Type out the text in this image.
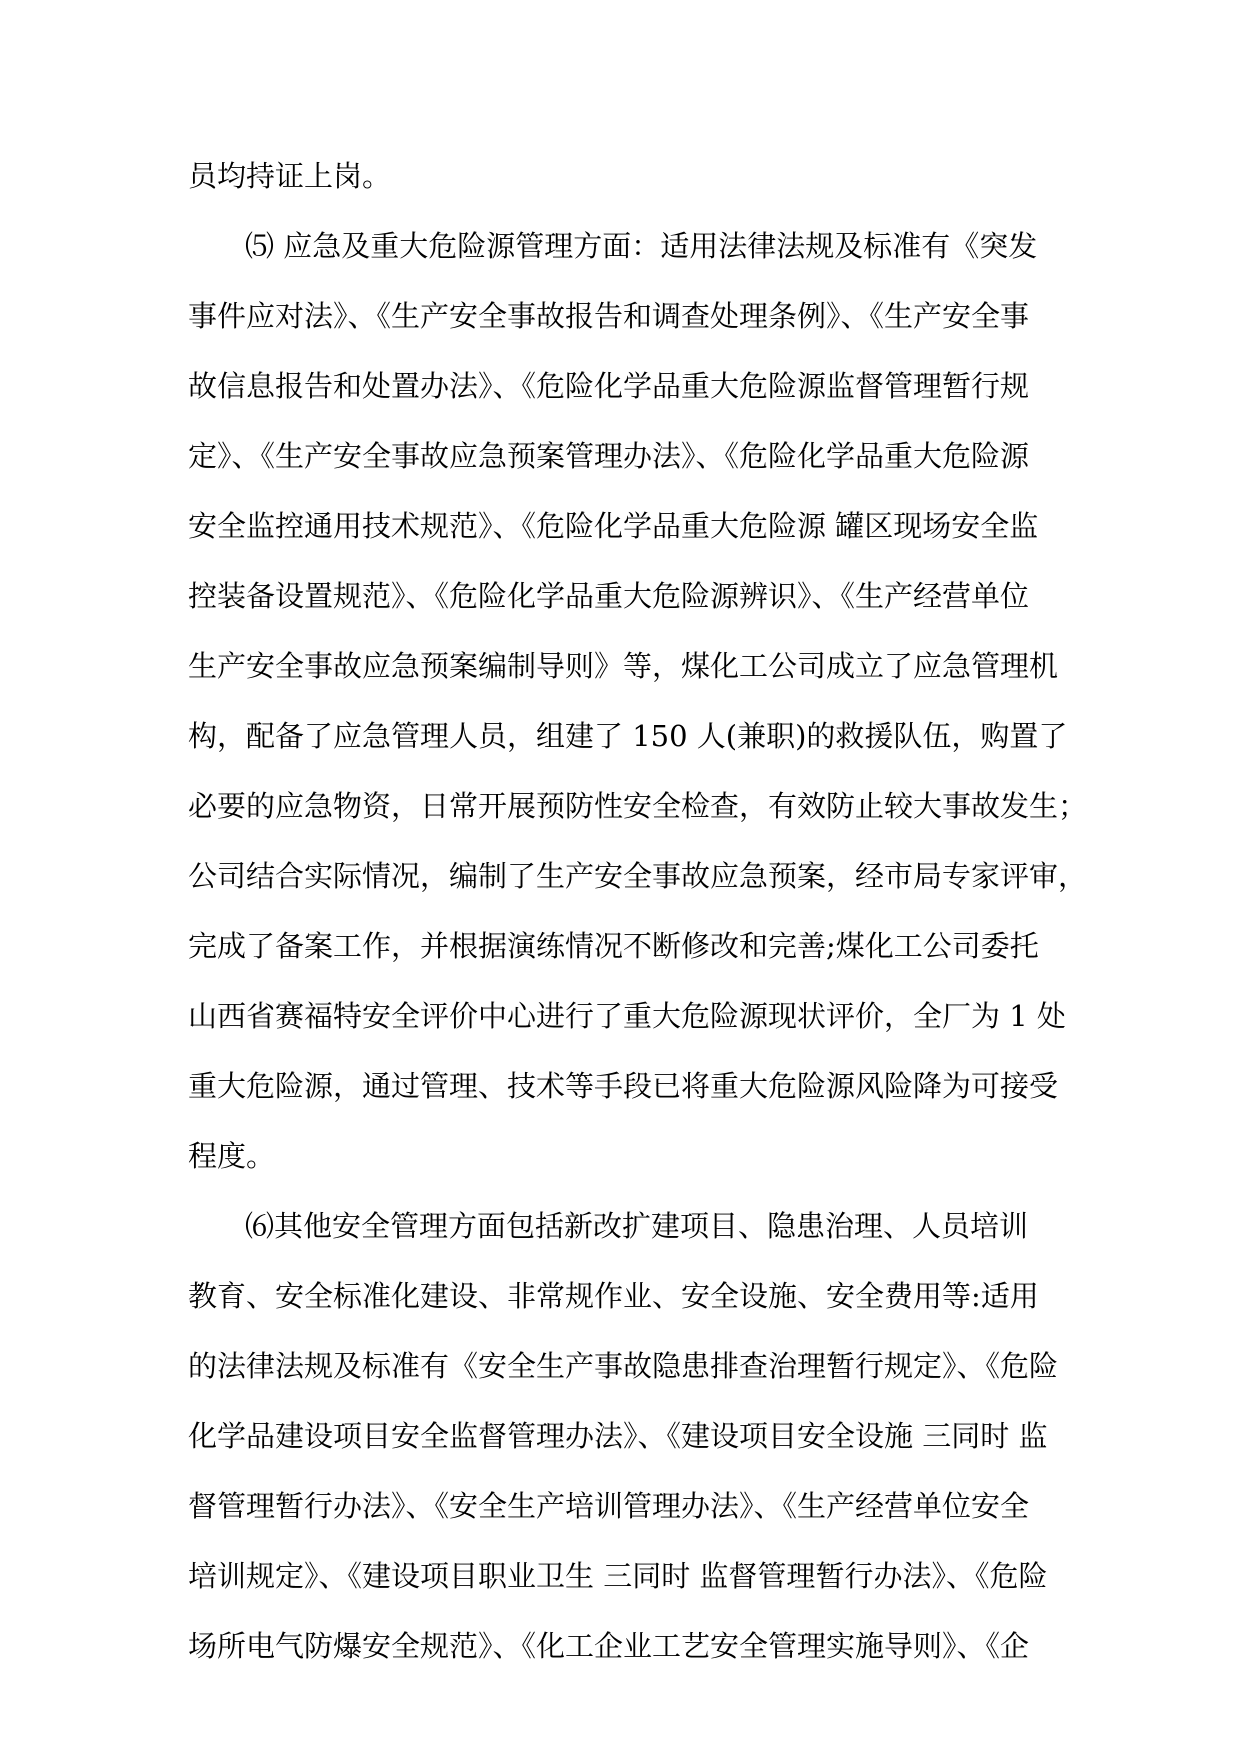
员均持证上岗。
⑸ 应急及重大危险源管理方面：适用法律法规及标准有《突发
事件应对法》、《生产安全事故报告和调查处理条例》、《生产安全事
故信息报告和处置办法》、《危险化学品重大危险源监督管理暂行规
定》、《生产安全事故应急预案管理办法》、《危险化学品重大危险源
安全监控通用技术规范》、《危险化学品重大危险源 罐区现场安全监
控装备设置规范》、《危险化学品重大危险源辨识》、《生产经营单位
生产安全事故应急预案编制导则》等，煤化工公司成立了应急管理机
构，配备了应急管理人员，组建了 150 人(兼职)的救援队伍，购置了
必要的应急物资，日常开展预防性安全检查，有效防止较大事故发生；
公司结合实际情况，编制了生产安全事故应急预案，经市局专家评审，
完成了备案工作，并根据演练情况不断修改和完善;煤化工公司委托
山西省赛福特安全评价中心进行了重大危险源现状评价，全厂为 1 处
重大危险源，通过管理、技术等手段已将重大危险源风险降为可接受
程度。
⑹其他安全管理方面包括新改扩建项目、隐患治理、人员培训
教育、安全标准化建设、非常规作业、安全设施、安全费用等:适用
的法律法规及标准有《安全生产事故隐患排查治理暂行规定》、《危险
化学品建设项目安全监督管理办法》、《建设项目安全设施 三同时 监
督管理暂行办法》、《安全生产培训管理办法》、《生产经营单位安全
培训规定》、《建设项目职业卫生 三同时 监督管理暂行办法》、《危险
场所电气防爆安全规范》、《化工企业工艺安全管理实施导则》、《企
